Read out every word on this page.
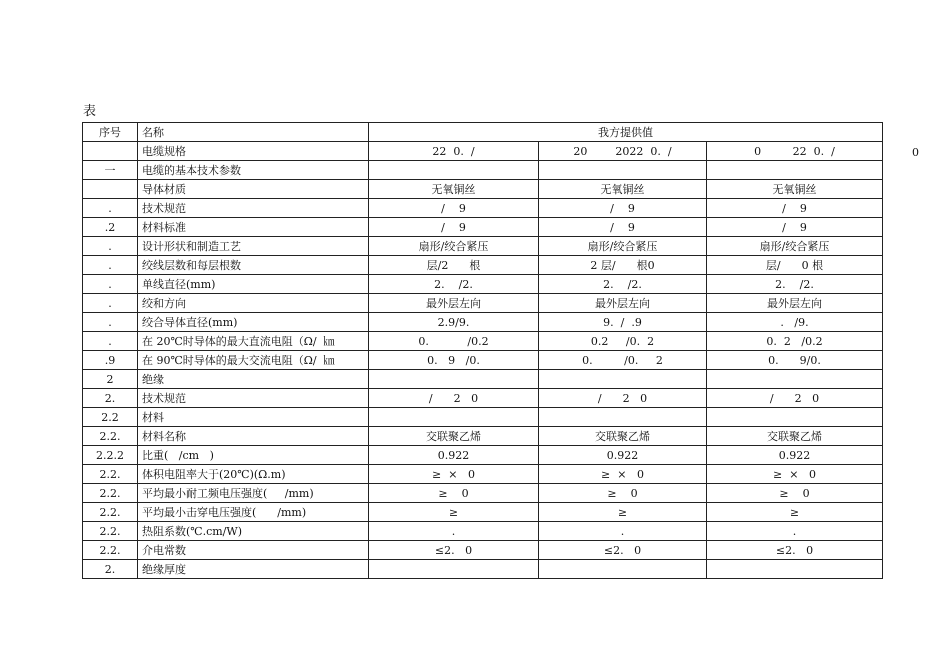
表
序号	名称	我方提供值		
	电缆规格	22  0.  /	20        2022  0.  /	0         22  0.  /
一	电缆的基本技术参数			
	导体材质	无氧铜丝	无氧铜丝	无氧铜丝
.	技术规范	/    9	/    9	/    9
.2	材料标准	/    9	/    9	/    9
.	设计形状和制造工艺	扇形/绞合紧压	扇形/绞合紧压	扇形/绞合紧压
.	绞线层数和每层根数	层/2      根	2 层/      根0	层/      0 根
.	单线直径(mm)	2.    /2.	2.    /2.	2.    /2.
.	绞和方向	最外层左向	最外层左向	最外层左向
.	绞合导体直径(mm)	2.9/9.	9.  /  .9	.   /9.
.	在 20℃时导体的最大直流电阻（Ω/  ㎞	0.           /0.2	0.2     /0.  2	0.  2   /0.2
.9	在 90℃时导体的最大交流电阻（Ω/  ㎞	0.   9   /0.	0.         /0.     2	0.      9/0.
2	绝缘			
2.	技术规范	/      2   0	/      2   0	/      2   0
2.2	材料			
2.2.	材料名称	交联聚乙烯	交联聚乙烯	交联聚乙烯
2.2.2	比重(   /cm   )	0.922	0.922	0.922
2.2.	体积电阻率大于(20℃)(Ω.m)	≥  ×   0	≥  ×   0	≥  ×   0
2.2.	平均最小耐工频电压强度(     /mm)	≥    0	≥    0	≥    0
2.2.	平均最小击穿电压强度(      /mm)	≥	≥	≥
2.2.	热阻系数(℃.cm/W)	.	.	.
2.2.	介电常数	≤2.   0	≤2.   0	≤2.   0
2.	绝缘厚度			
0
